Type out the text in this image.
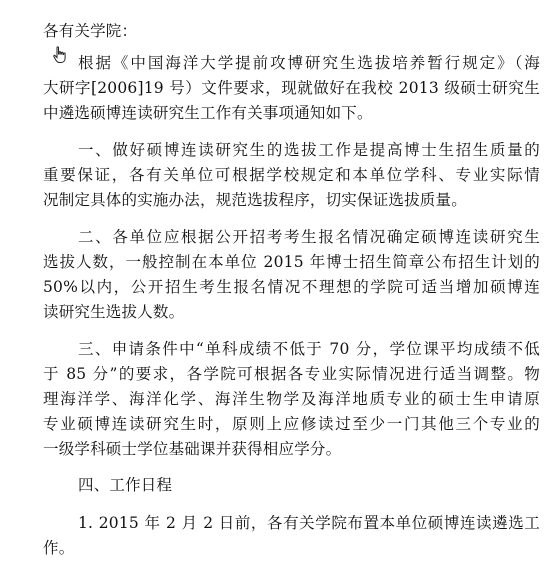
各有关学院：
根据《中国海洋大学提前攻博研究生选拔培养暂行规定》（海
大研字[2006]19 号）文件要求，现就做好在我校 2013 级硕士研究生
中遴选硕博连读研究生工作有关事项通知如下。
一、做好硕博连读研究生的选拔工作是提高博士生招生质量的
重要保证，各有关单位可根据学校规定和本单位学科、专业实际情
况制定具体的实施办法，规范选拔程序，切实保证选拔质量。
二、各单位应根据公开招考考生报名情况确定硕博连读研究生
选拔人数，一般控制在本单位 2015 年博士招生简章公布招生计划的
50%以内，公开招生考生报名情况不理想的学院可适当增加硕博连
读研究生选拔人数。
三、申请条件中“单科成绩不低于 70 分，学位课平均成绩不低
于 85 分”的要求，各学院可根据各专业实际情况进行适当调整。物
理海洋学、海洋化学、海洋生物学及海洋地质专业的硕士生申请原
专业硕博连读研究生时，原则上应修读过至少一门其他三个专业的
一级学科硕士学位基础课并获得相应学分。
四、工作日程
1. 2015 年 2 月 2 日前，各有关学院布置本单位硕博连读遴选工
作。
